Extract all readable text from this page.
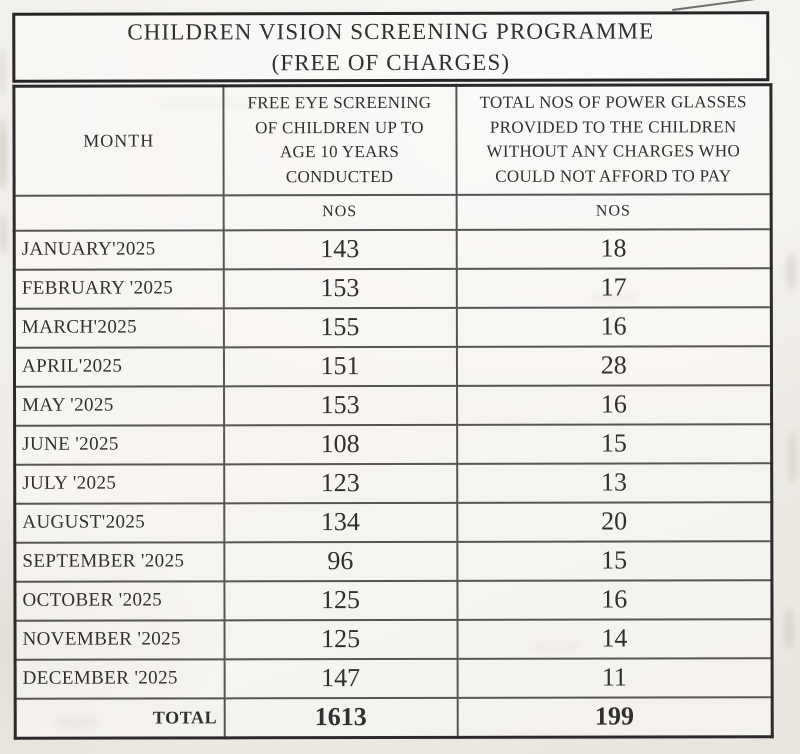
CHILDREN VISION SCREENING PROGRAMME
(FREE OF CHARGES)
MONTH	
FREE EYE SCREENING
OF CHILDREN UP TO
AGE 10 YEARS
CONDUCTED

TOTAL NOS OF POWER GLASSES
PROVIDED TO THE CHILDREN
WITHOUT ANY CHARGES WHO
COULD NOT AFFORD TO PAY

	NOS	NOS
JANUARY'2025	143	18
FEBRUARY '2025	153	17
MARCH'2025	155	16
APRIL'2025	151	28
MAY '2025	153	16
JUNE '2025	108	15
JULY '2025	123	13
AUGUST'2025	134	20
SEPTEMBER '2025	96	15
OCTOBER '2025	125	16
NOVEMBER '2025	125	14
DECEMBER '2025	147	11
TOTAL	1613	199
